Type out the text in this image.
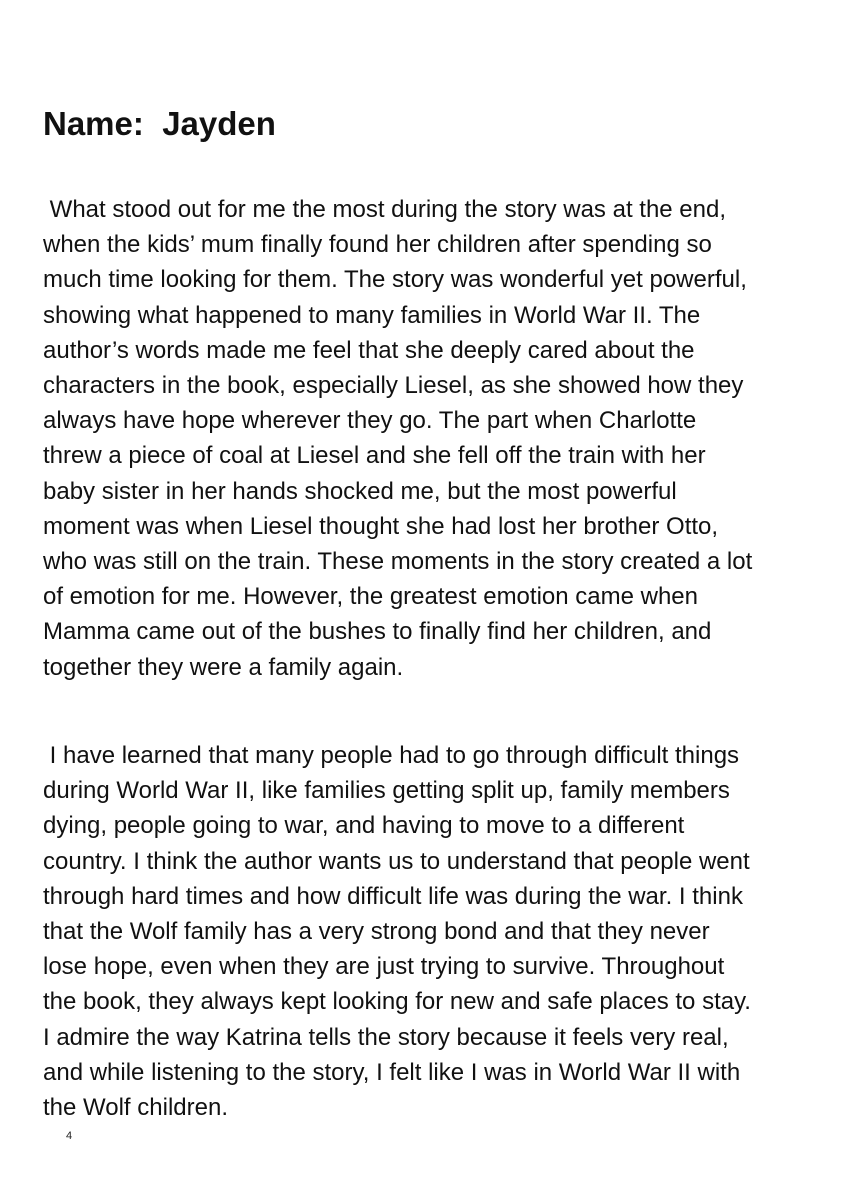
Name:  Jayden

What stood out for me the most during the story was at the end,
when the kids’ mum finally found her children after spending so
much time looking for them. The story was wonderful yet powerful,
showing what happened to many families in World War II. The
author’s words made me feel that she deeply cared about the
characters in the book, especially Liesel, as she showed how they
always have hope wherever they go. The part when Charlotte
threw a piece of coal at Liesel and she fell off the train with her
baby sister in her hands shocked me, but the most powerful
moment was when Liesel thought she had lost her brother Otto,
who was still on the train. These moments in the story created a lot
of emotion for me. However, the greatest emotion came when
Mamma came out of the bushes to finally find her children, and
together they were a family again.

I have learned that many people had to go through difficult things
during World War II, like families getting split up, family members
dying, people going to war, and having to move to a different
country. I think the author wants us to understand that people went
through hard times and how difficult life was during the war. I think
that the Wolf family has a very strong bond and that they never
lose hope, even when they are just trying to survive. Throughout
the book, they always kept looking for new and safe places to stay.
I admire the way Katrina tells the story because it feels very real,
and while listening to the story, I felt like I was in World War II with
the Wolf children.

4
